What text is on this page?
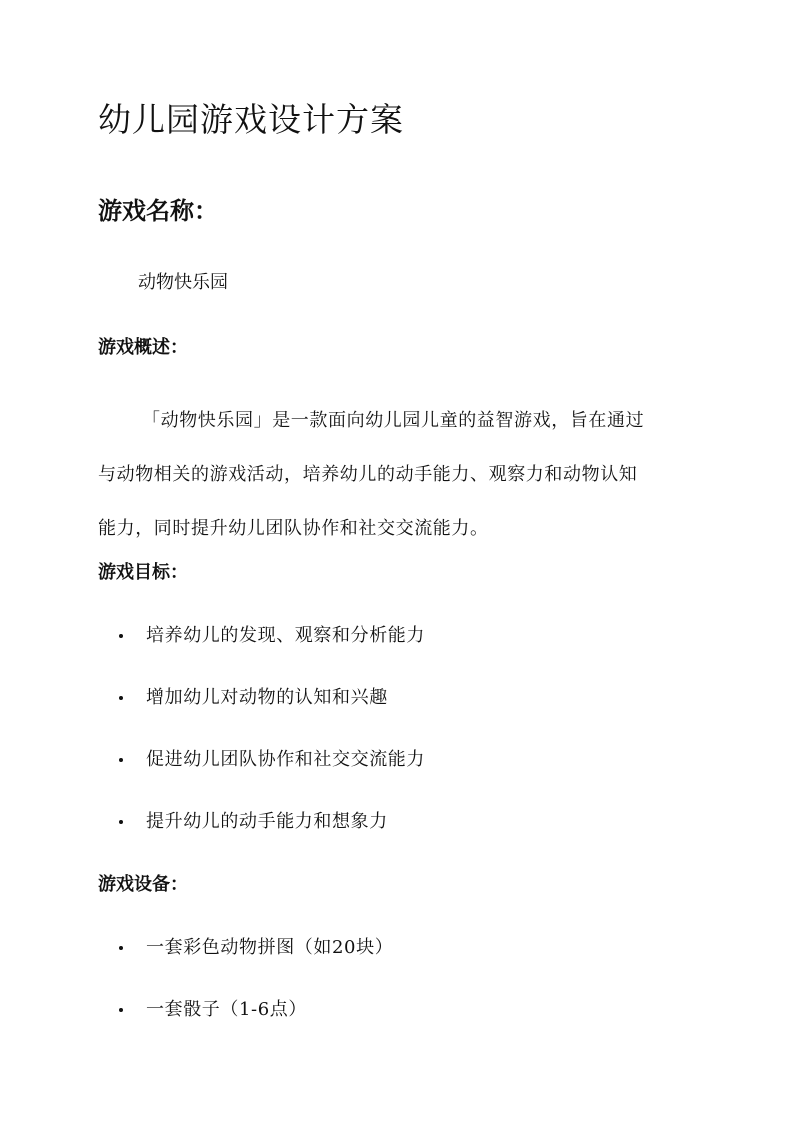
幼儿园游戏设计方案
游戏名称：

动物快乐园

游戏概述：

「动物快乐园」是一款面向幼儿园儿童的益智游戏，旨在通过
与动物相关的游戏活动，培养幼儿的动手能力、观察力和动物认知
能力，同时提升幼儿团队协作和社交交流能力。

游戏目标：
培养幼儿的发现、观察和分析能力
增加幼儿对动物的认知和兴趣
促进幼儿团队协作和社交交流能力
提升幼儿的动手能力和想象力
游戏设备：
一套彩色动物拼图（如20块）
一套骰子（1-6点）
